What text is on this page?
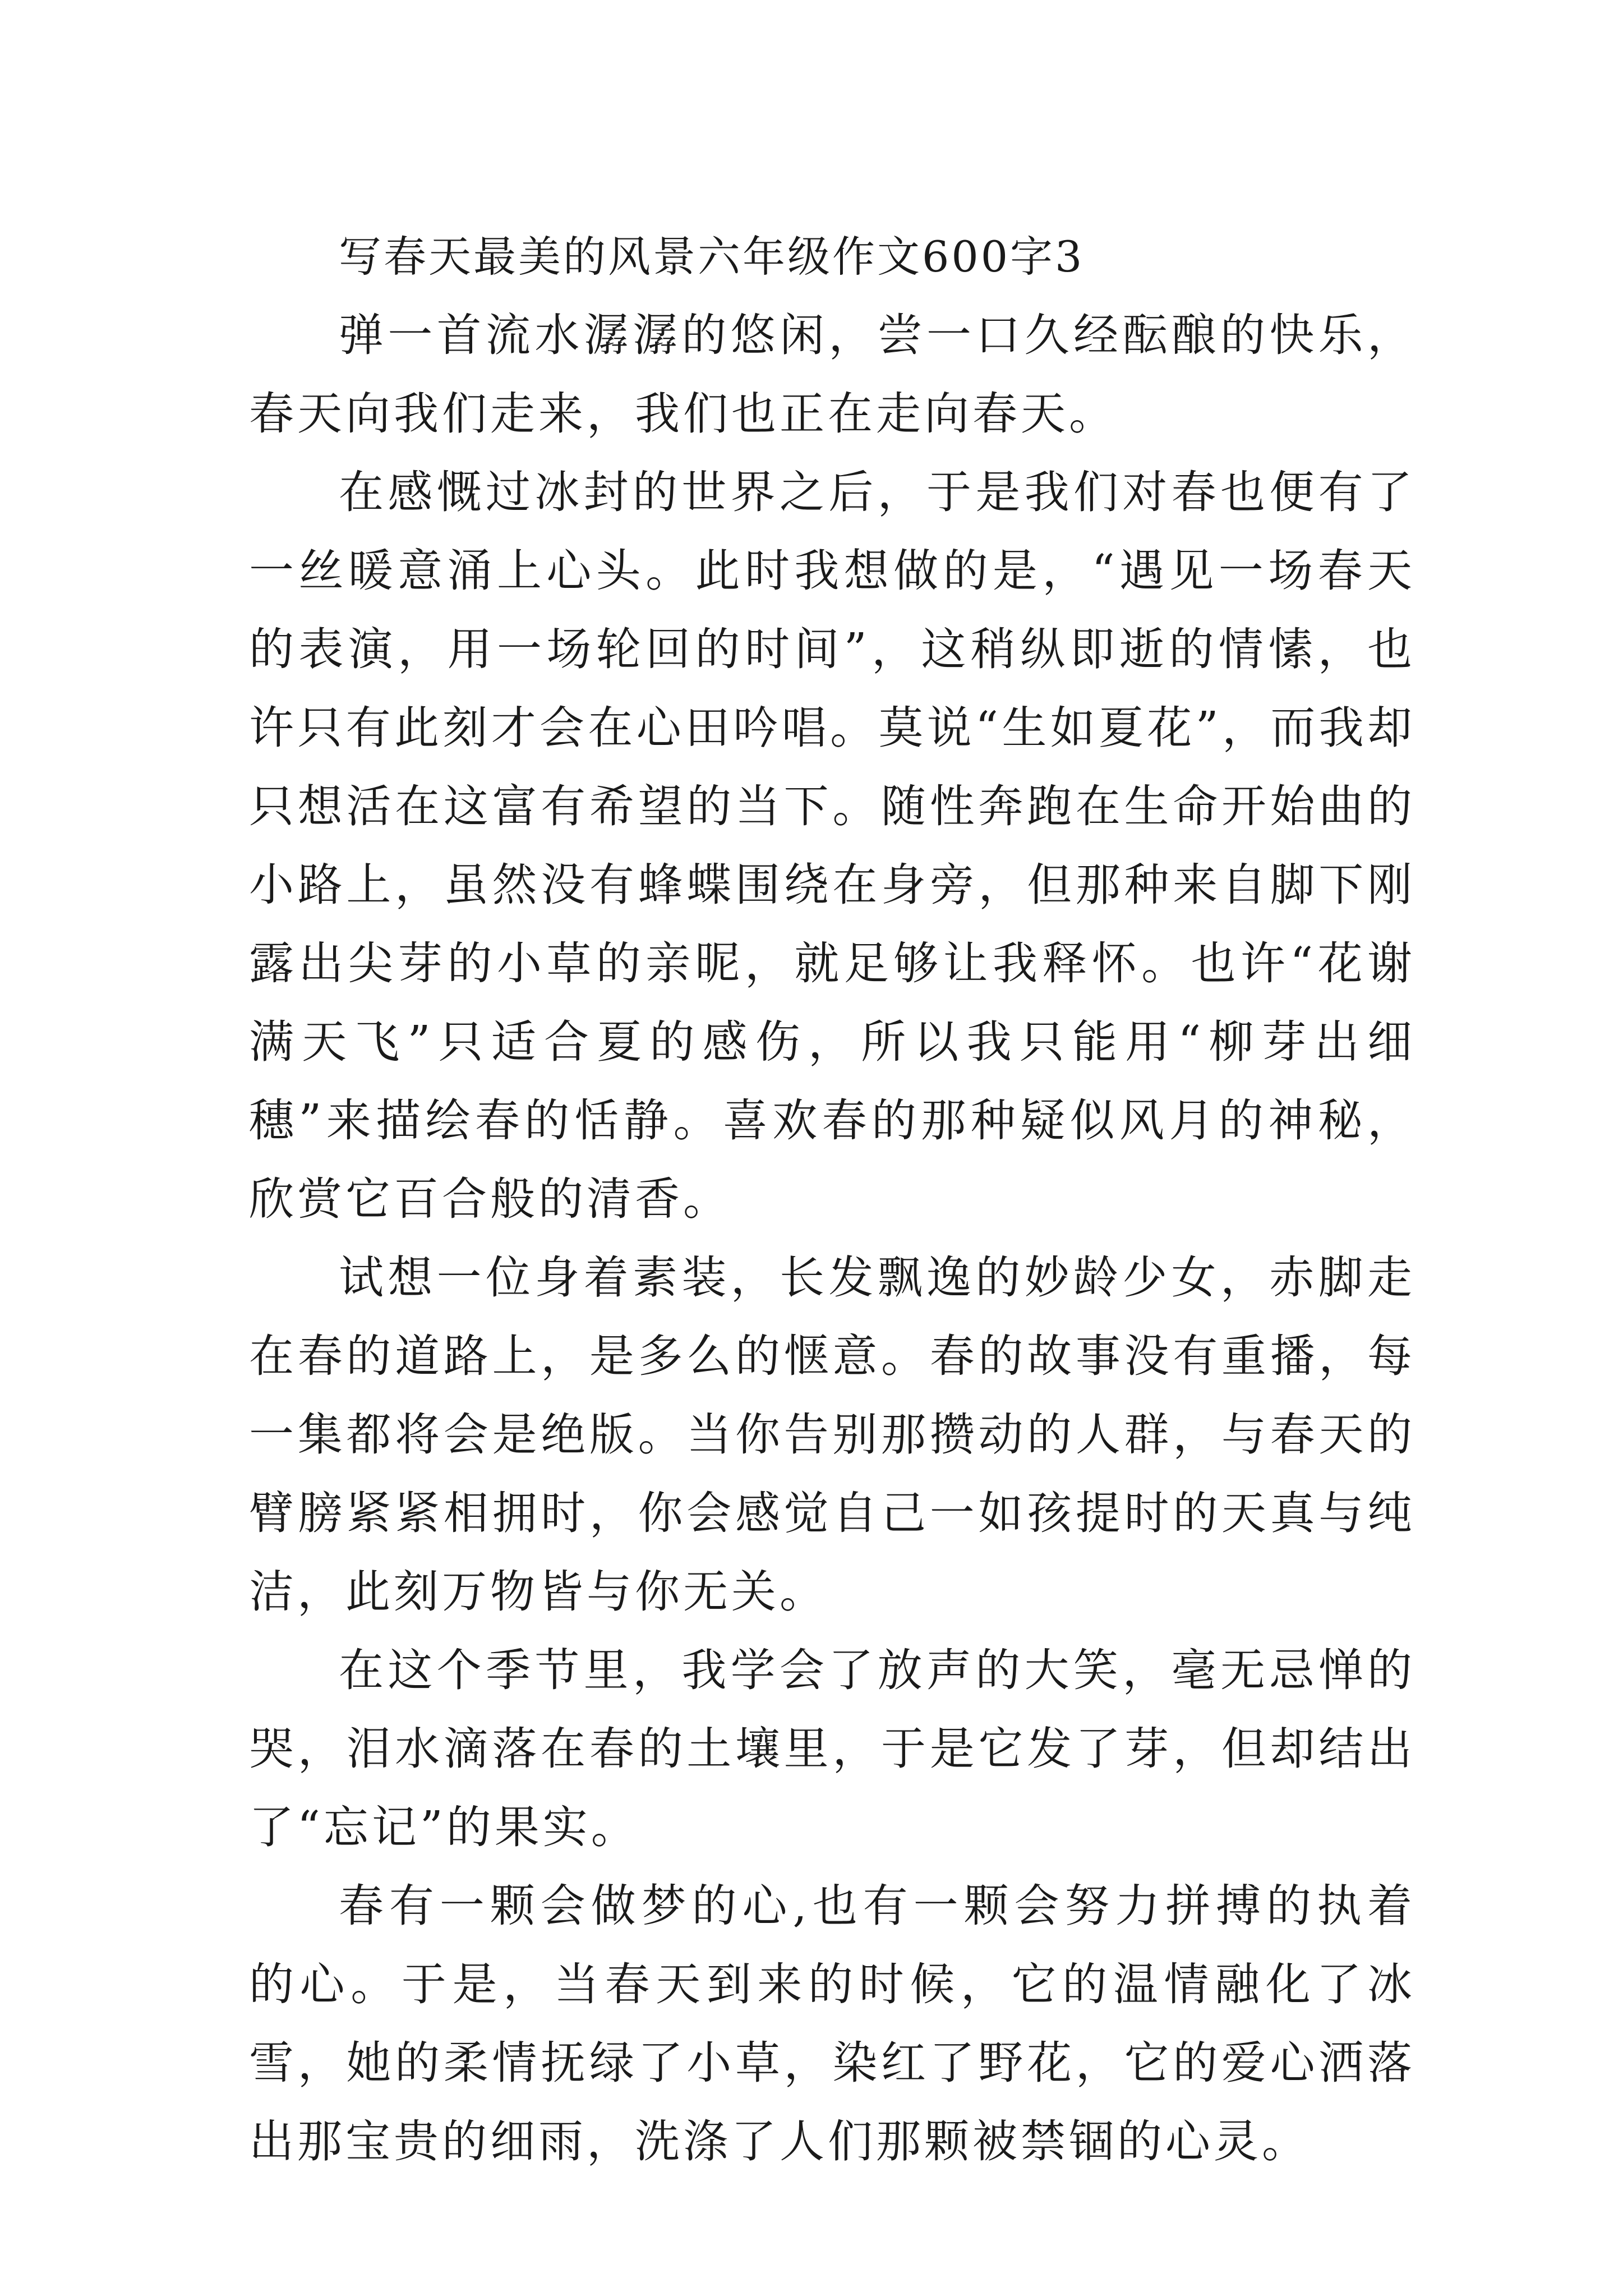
写春天最美的风景六年级作文600字3

弹一首流水潺潺的悠闲，尝一口久经酝酿的快乐，春天向我们走来，我们也正在走向春天。

在感慨过冰封的世界之后，于是我们对春也便有了一丝暖意涌上心头。此时我想做的是，“遇见一场春天的表演，用一场轮回的时间”，这稍纵即逝的情愫，也许只有此刻才会在心田吟唱。莫说“生如夏花”，而我却只想活在这富有希望的当下。随性奔跑在生命开始曲的小路上，虽然没有蜂蝶围绕在身旁，但那种来自脚下刚露出尖芽的小草的亲昵，就足够让我释怀。也许“花谢满天飞”只适合夏的感伤，所以我只能用“柳芽出细穗”来描绘春的恬静。喜欢春的那种疑似风月的神秘，欣赏它百合般的清香。

试想一位身着素装，长发飘逸的妙龄少女，赤脚走在春的道路上，是多么的惬意。春的故事没有重播，每一集都将会是绝版。当你告别那攒动的人群，与春天的臂膀紧紧相拥时，你会感觉自己一如孩提时的天真与纯洁，此刻万物皆与你无关。

在这个季节里，我学会了放声的大笑，毫无忌惮的哭，泪水滴落在春的土壤里，于是它发了芽，但却结出了“忘记”的果实。

春有一颗会做梦的心,也有一颗会努力拼搏的执着的心。于是，当春天到来的时候，它的温情融化了冰雪，她的柔情抚绿了小草，染红了野花，它的爱心洒落出那宝贵的细雨，洗涤了人们那颗被禁锢的心灵。
